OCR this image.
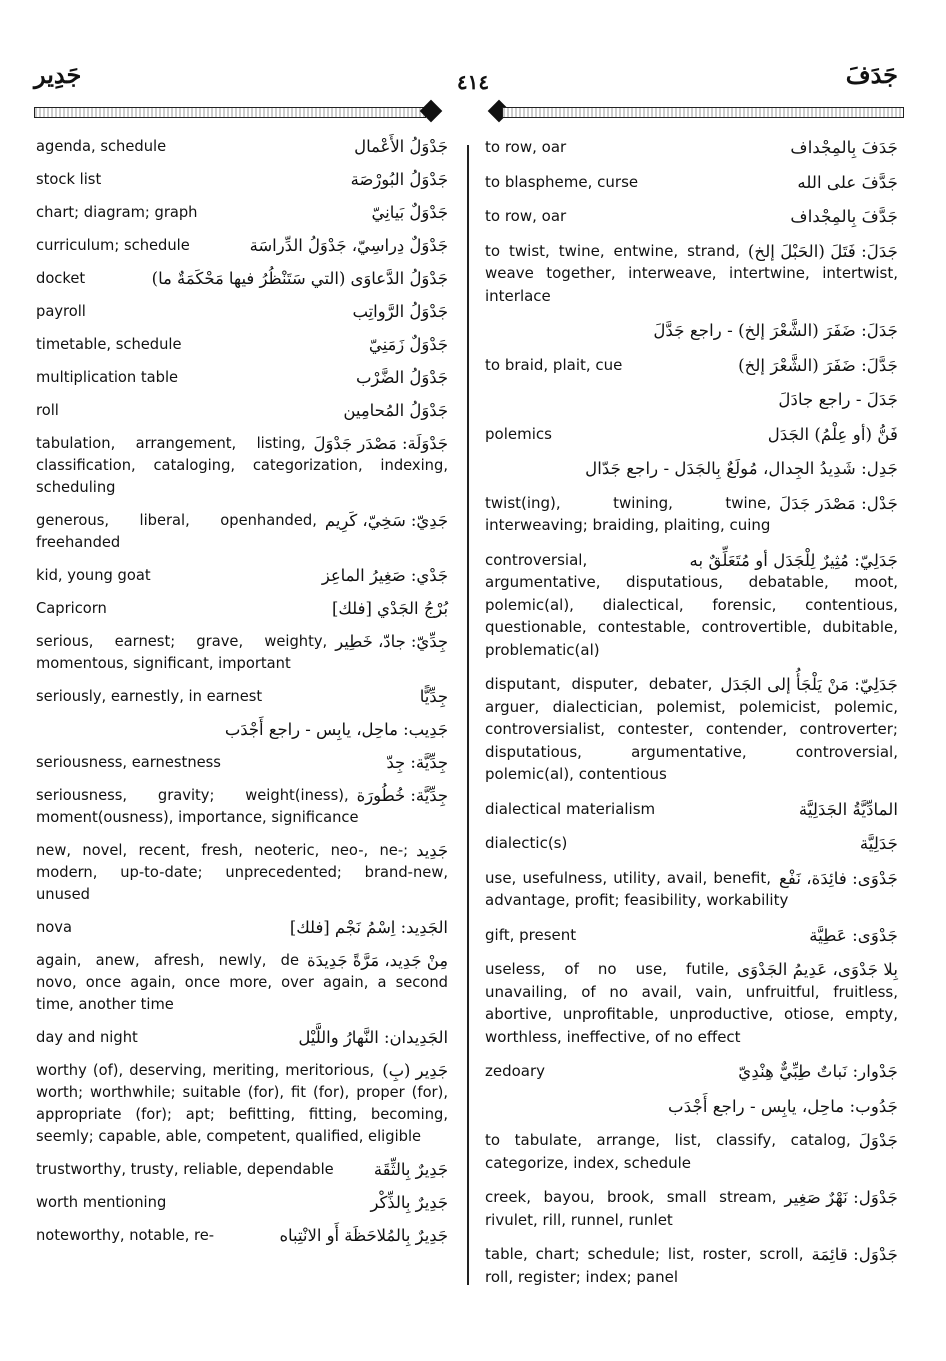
جَدِير	٤١٤	جَدَفَ
جَدْوَلُ الأَعْمال
agenda, schedule
جَدْوَلُ البُورْصَة
stock list
جَدْوَلٌ بَيانِيّ
chart; diagram; graph
جَدْوَلٌ دِراسِيّ، جَدْوَلُ الدِّراسَة
curriculum; schedule
جَدْوَلُ الدَّعاوَى (التي سَتَنْظُرُ فيها مَحْكَمَةٌ ما)
docket
جَدْوَلُ الرَّواتِب
payroll
جَدْوَلٌ زَمَنِيّ
timetable, schedule
جَدْوَلُ الضَّرْب
multiplication table
جَدْوَلُ المُحامِين
roll
جَدْوَلَة: مَصْدَر جَدْوَلَ
tabulation, arrangement, listing, classification, cataloging, categorization, indexing, scheduling
جَدِيّ: سَخِيّ، كَرِيم
generous, liberal, openhanded, freehanded
جَدْي: صَغِيرُ الماعِز
kid, young goat
بُرْجُ الجَدْي [فلك]
Capricorn
جِدِّيّ: جادّ، خَطِير
serious, earnest; grave, weighty, momentous, significant, important
جِدِّيًّا
seriously, earnestly, in earnest
جَدِيب: ماحِل، يابِس - راجع أَجْدَب
جِدِّيَّة: جِدّ
seriousness, earnestness
جِدِّيَّة: خُطُورَة
seriousness, gravity; weight(iness), moment(ousness), importance, significance
جَدِيد
new, novel, recent, fresh, neoteric, neo-, ne-; modern, up-to-date; unprecedented; brand-new, unused
الجَدِيد: اِسْمُ نَجْم [فلك]
nova
مِنْ جَدِيد، مَرَّةً جَدِيدَة
again, anew, afresh, newly, de novo, once again, once more, over again, a second time, another time
الجَدِيدان: النَّهارُ واللَّيْل
day and night
جَدِير (بِ)
worthy (of), deserving, meriting, meritorious, worth; worthwhile; suitable (for), fit (for), proper (for), appropriate (for); apt; befitting, fitting, becoming, seemly; capable, able, competent, qualified, eligible
جَدِيرٌ بِالثِّقَة
trustworthy, trusty, reliable, dependable
جَدِيرٌ بِالذِّكْر
worth mentioning
جَدِيرٌ بِالمُلاحَظَة أَو الانْتِباه
noteworthy, notable, re-
جَدَفَ بِالمِجْداف
to row, oar
جَدَّفَ على الله
to blaspheme, curse
جَدَّفَ بِالمِجْداف
to row, oar
جَدَلَ: فَتَلَ (الحَبْلَ إلخ)
to twist, twine, entwine, strand, weave together, interweave, intertwine, intertwist, interlace
جَدَلَ: ضَفَرَ (الشَّعْرَ إلخ) - راجع جَدَّلَ
جَدَّلَ: ضَفَرَ (الشَّعْرَ إلخ)
to braid, plait, cue
جَدَلَ - راجع جادَلَ
فَنُّ (أو عِلْمُ) الجَدَل
polemics
جَدِل: شَدِيدُ الجِدال، مُولَعٌ بِالجَدَل - راجع جَدّال
جَدْل: مَصْدَر جَدَلَ
twist(ing), twining, twine, interweaving; braiding, plaiting, cuing
جَدَلِيّ: مُثِيرٌ لِلْجَدَل أو مُتَعَلِّقٌ به
controversial, argumentative, disputatious, debatable, moot, polemic(al), dialectical, forensic, contentious, questionable, contestable, controvertible, dubitable, problematic(al)
جَدَلِيّ: مَنْ يَلْجَأُ إلى الجَدَل
disputant, disputer, debater, arguer, dialectician, polemist, polemicist, polemic, controversialist, contester, contender, controverter; disputatious, argumentative, controversial, polemic(al), contentious
المادِّيَّةُ الجَدَلِيَّة
dialectical materialism
جَدَلِيَّة
dialectic(s)
جَدْوَى: فائِدَة، نَفْع
use, usefulness, utility, avail, benefit, advantage, profit; feasibility, workability
جَدْوَى: عَطِيَّة
gift, present
بِلا جَدْوَى، عَدِيمُ الجَدْوَى
useless, of no use, futile, unavailing, of no avail, vain, unfruitful, fruitless, abortive, unprofitable, unproductive, otiose, empty, worthless, ineffective, of no effect
جَدْوار: نَباتٌ طِبِّيٌّ هِنْدِيّ
zedoary
جَدُوب: ماحِل، يابِس - راجع أَجْدَب
جَدْوَلَ
to tabulate, arrange, list, classify, catalog, categorize, index, schedule
جَدْوَل: نَهْرٌ صَغِير
creek, bayou, brook, small stream, rivulet, rill, runnel, runlet
جَدْوَل: قائِمَة
table, chart; schedule; list, roster, scroll, roll, register; index; panel
